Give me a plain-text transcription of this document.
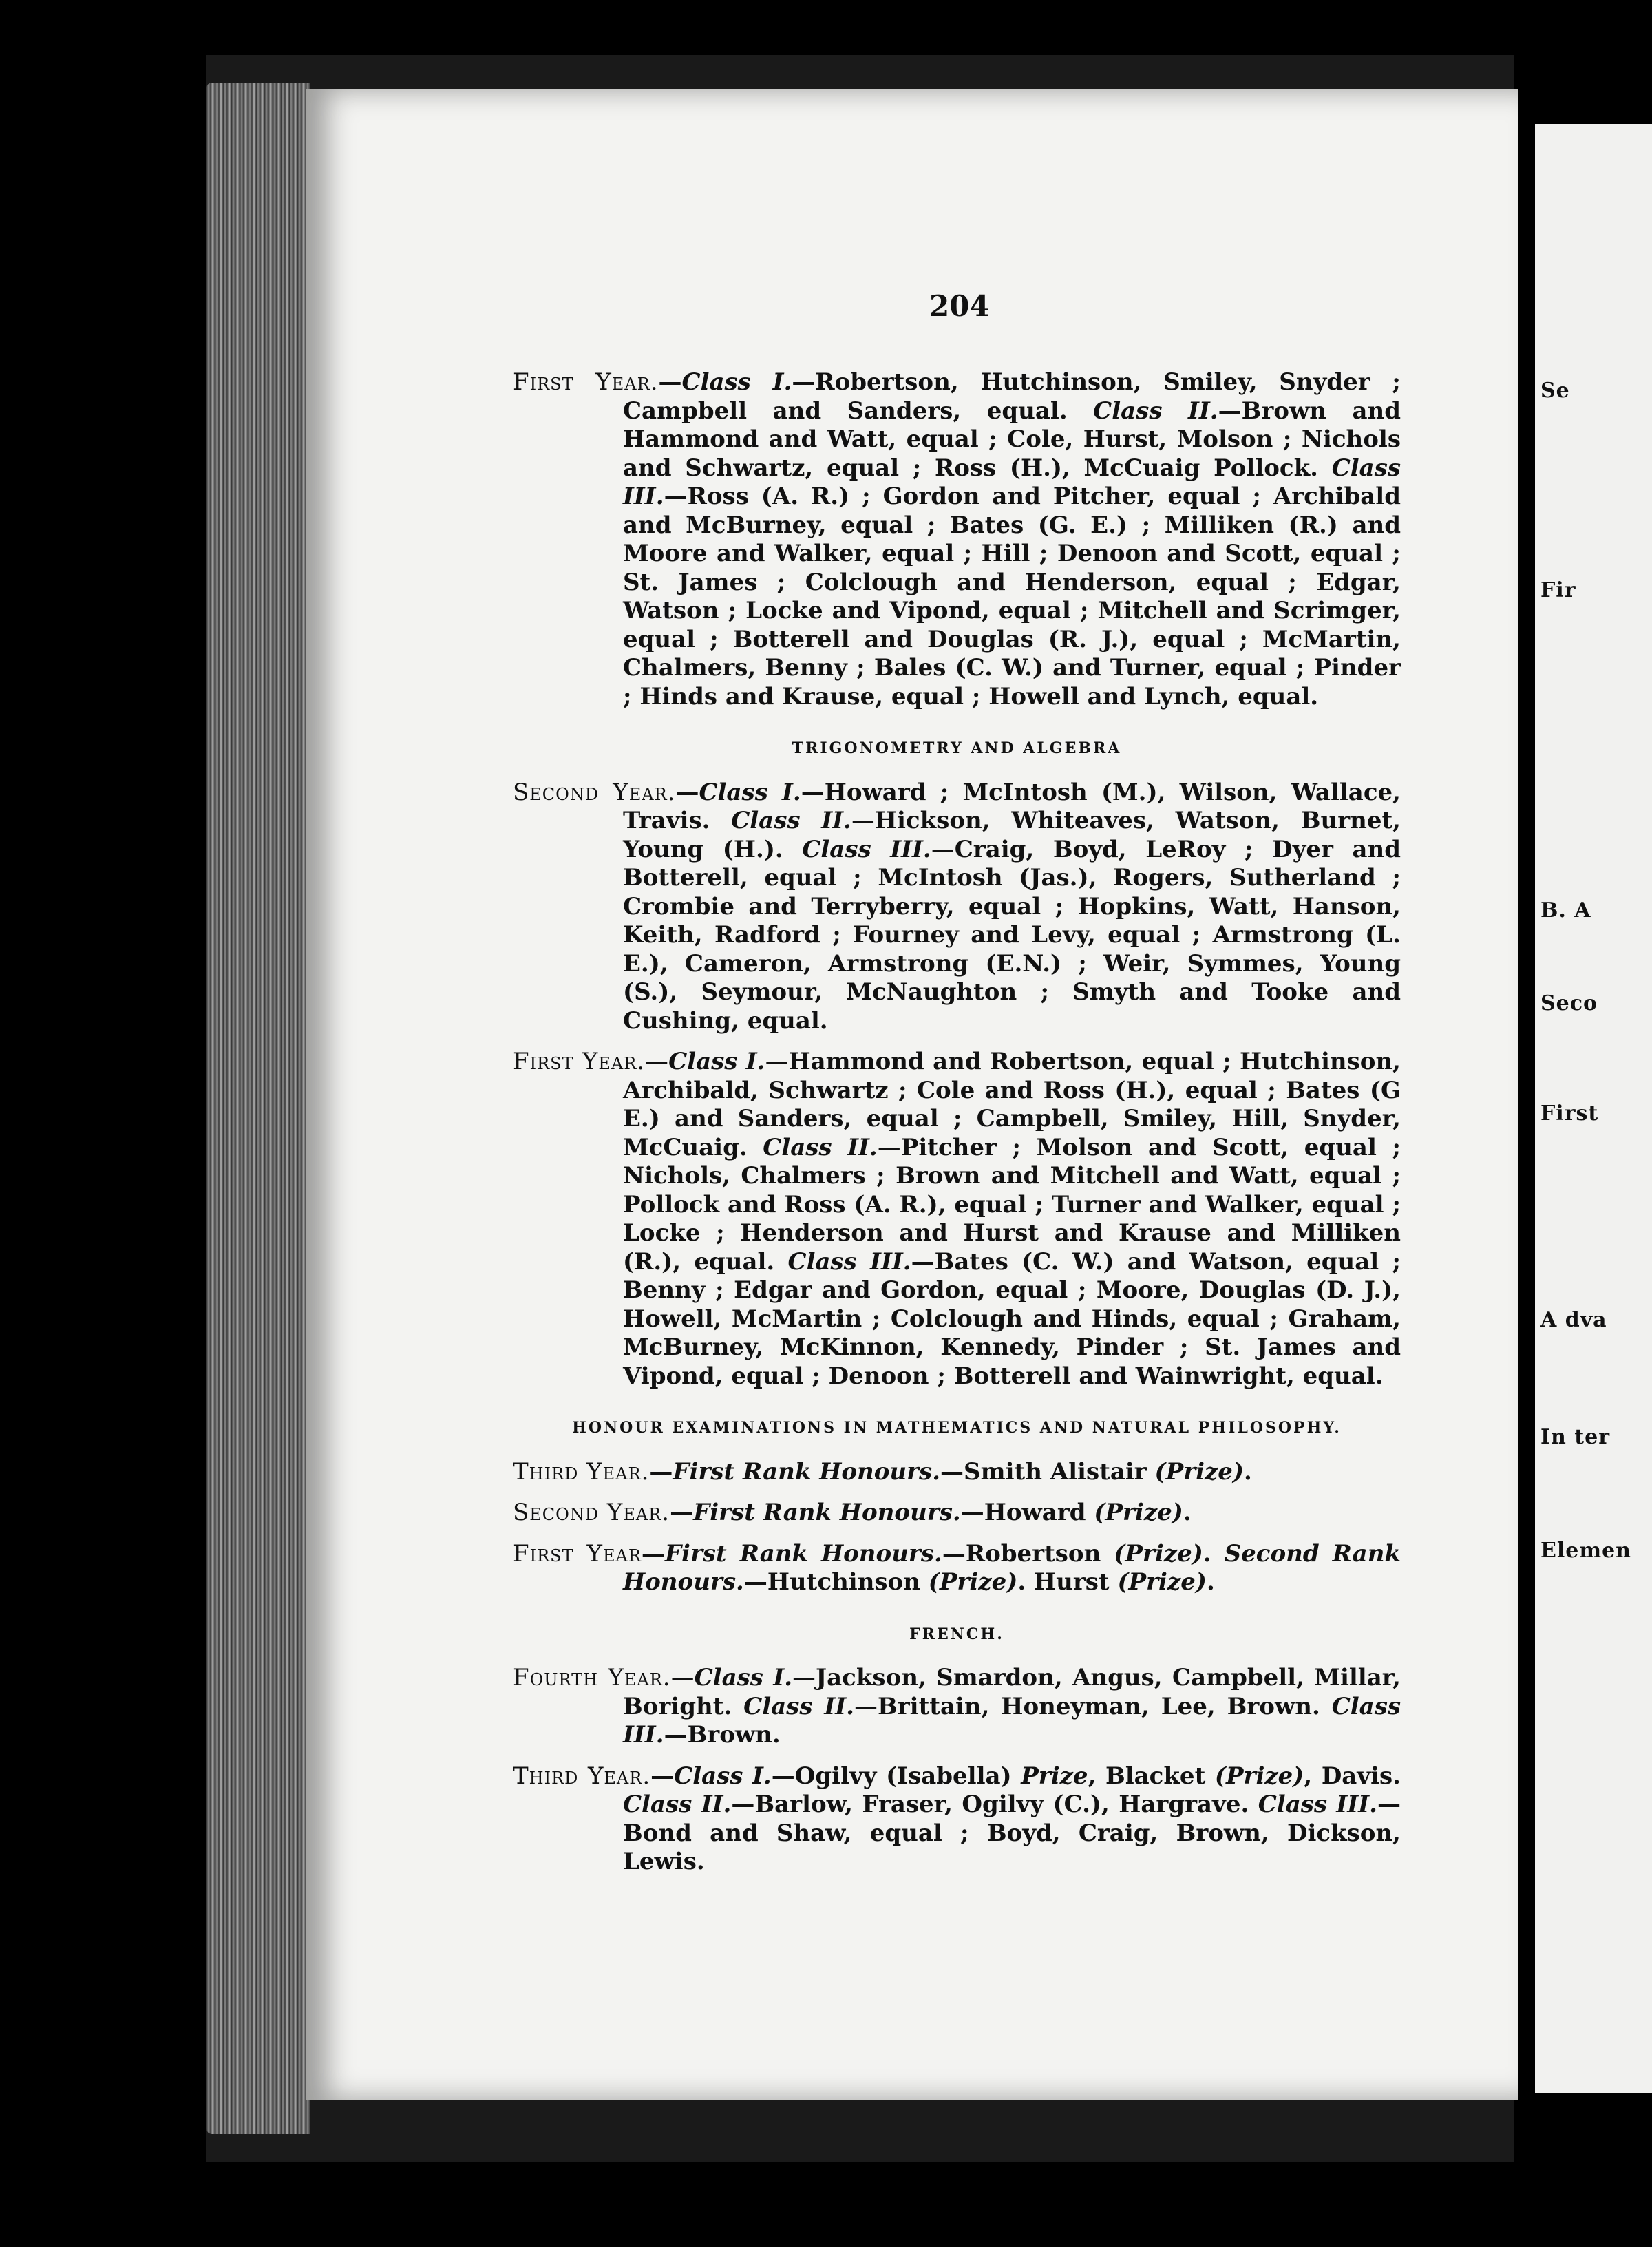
Se
Fir
B. A
Seco
First
A dva
In ter
Elemen
204

First Year.—Class I.—Robertson, Hutchinson, Smiley, Snyder ; Campbell and Sanders, equal. Class II.—Brown and Hammond and Watt, equal ; Cole, Hurst, Molson ; Nichols and Schwartz, equal ; Ross (H.), McCuaig Pollock. Class III.—Ross (A. R.) ; Gordon and Pitcher, equal ; Archibald and McBurney, equal ; Bates (G. E.) ; Milliken (R.) and Moore and Walker, equal ; Hill ; Denoon and Scott, equal ; St. James ; Colclough and Henderson, equal ; Edgar, Watson ; Locke and Vipond, equal ; Mitchell and Scrimger, equal ; Botterell and Douglas (R. J.), equal ; McMartin, Chalmers, Benny ; Bales (C. W.) and Turner, equal ; Pinder ; Hinds and Krause, equal ; Howell and Lynch, equal.

TRIGONOMETRY AND ALGEBRA

Second Year.—Class I.—Howard ; McIntosh (M.), Wilson, Wallace, Travis. Class II.—Hickson, Whiteaves, Watson, Burnet, Young (H.). Class III.—Craig, Boyd, LeRoy ; Dyer and Botterell, equal ; McIntosh (Jas.), Rogers, Sutherland ; Crombie and Terryberry, equal ; Hopkins, Watt, Hanson, Keith, Radford ; Fourney and Levy, equal ; Armstrong (L. E.), Cameron, Armstrong (E.N.) ; Weir, Symmes, Young (S.), Seymour, McNaughton ; Smyth and Tooke and Cushing, equal.

First Year.—Class I.—Hammond and Robertson, equal ; Hutchinson, Archibald, Schwartz ; Cole and Ross (H.), equal ; Bates (G E.) and Sanders, equal ; Campbell, Smiley, Hill, Snyder, McCuaig. Class II.—Pitcher ; Molson and Scott, equal ; Nichols, Chalmers ; Brown and Mitchell and Watt, equal ; Pollock and Ross (A. R.), equal ; Turner and Walker, equal ; Locke ; Henderson and Hurst and Krause and Milliken (R.), equal. Class III.—Bates (C. W.) and Watson, equal ; Benny ; Edgar and Gordon, equal ; Moore, Douglas (D. J.), Howell, McMartin ; Colclough and Hinds, equal ; Graham, McBurney, McKinnon, Kennedy, Pinder ; St. James and Vipond, equal ; Denoon ; Botterell and Wainwright, equal.

HONOUR EXAMINATIONS IN MATHEMATICS AND NATURAL PHILOSOPHY.

Third Year.—First Rank Honours.—Smith Alistair (Prize).

Second Year.—First Rank Honours.—Howard (Prize).

First Year—First Rank Honours.—Robertson (Prize). Second Rank Honours.—Hutchinson (Prize). Hurst (Prize).

FRENCH.

Fourth Year.—Class I.—Jackson, Smardon, Angus, Campbell, Millar, Boright. Class II.—Brittain, Honeyman, Lee, Brown. Class III.—Brown.

Third Year.—Class I.—Ogilvy (Isabella) Prize, Blacket (Prize), Davis. Class II.—Barlow, Fraser, Ogilvy (C.), Hargrave. Class III.—Bond and Shaw, equal ; Boyd, Craig, Brown, Dickson, Lewis.
